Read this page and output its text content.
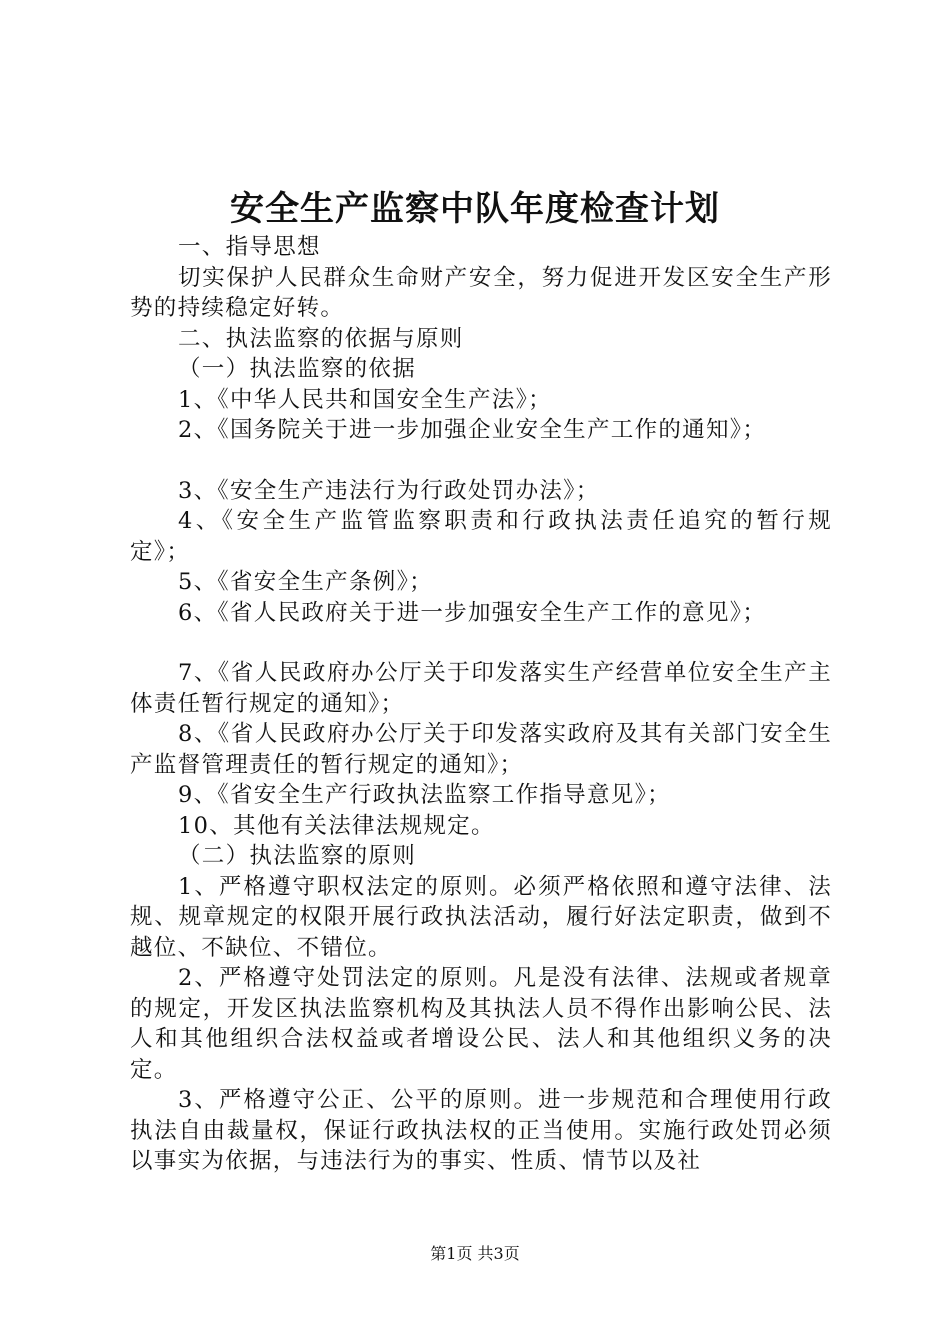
安全生产监察中队年度检查计划

一、指导思想

切实保护人民群众生命财产安全，努力促进开发区安全生产形势的持续稳定好转。

二、执法监察的依据与原则

（一）执法监察的依据

1、《中华人民共和国安全生产法》；

2、《国务院关于进一步加强企业安全生产工作的通知》；

3、《安全生产违法行为行政处罚办法》；

4、《安全生产监管监察职责和行政执法责任追究的暂行规定》；

5、《省安全生产条例》；

6、《省人民政府关于进一步加强安全生产工作的意见》；

7、《省人民政府办公厅关于印发落实生产经营单位安全生产主体责任暂行规定的通知》；

8、《省人民政府办公厅关于印发落实政府及其有关部门安全生产监督管理责任的暂行规定的通知》；

9、《省安全生产行政执法监察工作指导意见》；

10、其他有关法律法规规定。

（二）执法监察的原则

1、严格遵守职权法定的原则。必须严格依照和遵守法律、法规、规章规定的权限开展行政执法活动，履行好法定职责，做到不越位、不缺位、不错位。

2、严格遵守处罚法定的原则。凡是没有法律、法规或者规章的规定，开发区执法监察机构及其执法人员不得作出影响公民、法人和其他组织合法权益或者增设公民、法人和其他组织义务的决定。

3、严格遵守公正、公平的原则。进一步规范和合理使用行政执法自由裁量权，保证行政执法权的正当使用。实施行政处罚必须以事实为依据，与违法行为的事实、性质、情节以及社

第1页 共3页
